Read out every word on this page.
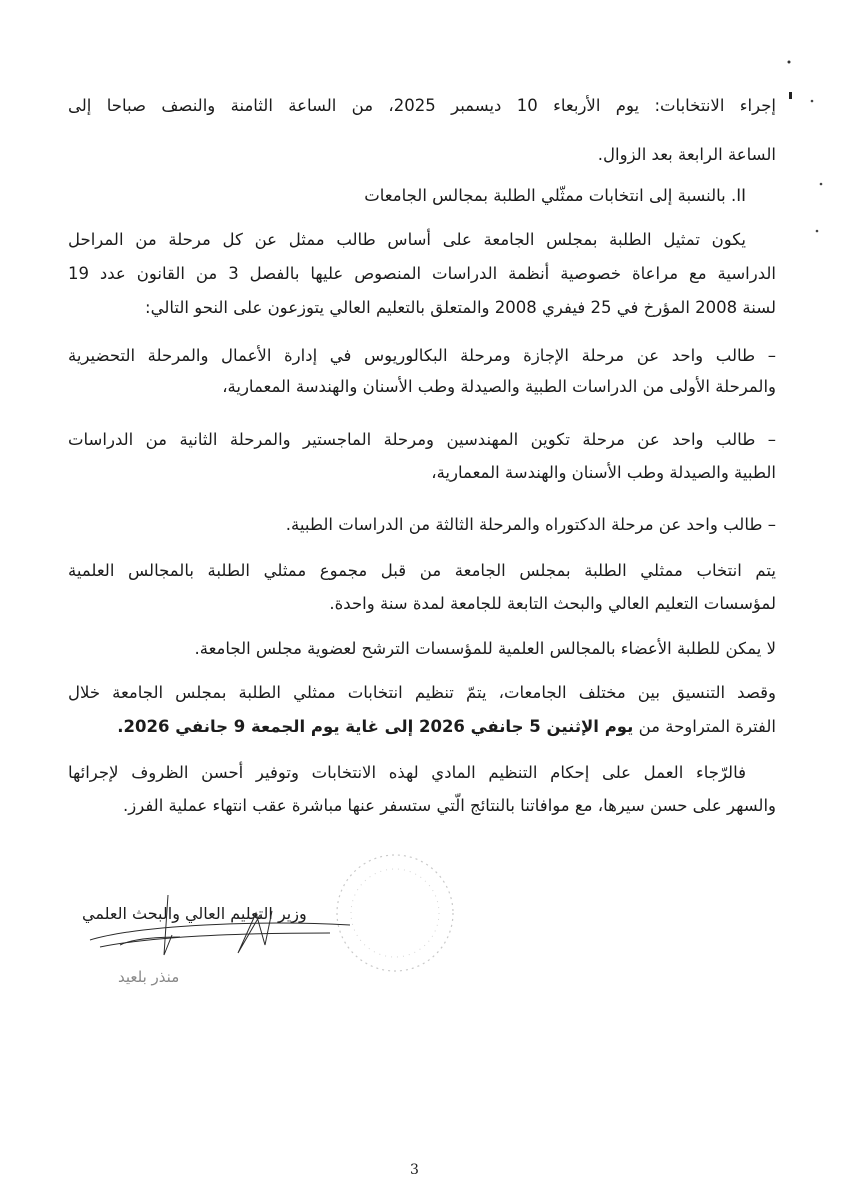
إجراء الانتخابات: يوم الأربعاء 10 ديسمبر 2025، من الساعة الثامنة والنصف صباحا إلى
الساعة الرابعة بعد الزوال.
II. بالنسبة إلى انتخابات ممثّلي الطلبة بمجالس الجامعات
يكون تمثيل الطلبة بمجلس الجامعة على أساس طالب ممثل عن كل مرحلة من المراحل
الدراسية مع مراعاة خصوصية أنظمة الدراسات المنصوص عليها بالفصل 3 من القانون عدد 19
لسنة 2008 المؤرخ في 25 فيفري 2008 والمتعلق بالتعليم العالي يتوزعون على النحو التالي:
– طالب واحد عن مرحلة الإجازة ومرحلة البكالوريوس في إدارة الأعمال والمرحلة التحضيرية
والمرحلة الأولى من الدراسات الطبية والصيدلة وطب الأسنان والهندسة المعمارية،
– طالب واحد عن مرحلة تكوين المهندسين ومرحلة الماجستير والمرحلة الثانية من الدراسات
الطبية والصيدلة وطب الأسنان والهندسة المعمارية،
– طالب واحد عن مرحلة الدكتوراه والمرحلة الثالثة من الدراسات الطبية.
يتم انتخاب ممثلي الطلبة بمجلس الجامعة من قبل مجموع ممثلي الطلبة بالمجالس العلمية
لمؤسسات التعليم العالي والبحث التابعة للجامعة لمدة سنة واحدة.
لا يمكن للطلبة الأعضاء بالمجالس العلمية للمؤسسات الترشح لعضوية مجلس الجامعة.
وقصد التنسيق بين مختلف الجامعات، يتمّ تنظيم انتخابات ممثلي الطلبة بمجلس الجامعة خلال
الفترة المتراوحة من يوم الإثنين 5 جانفي 2026 إلى غاية يوم الجمعة 9 جانفي 2026.
فالرّجاء العمل على إحكام التنظيم المادي لهذه الانتخابات وتوفير أحسن الظروف لإجرائها
والسهر على حسن سيرها، مع موافاتنا بالنتائج الّتي ستسفر عنها مباشرة عقب انتهاء عملية الفرز.
وزير التعليم العالي والبحث العلمي
منذر بلعيد
3
